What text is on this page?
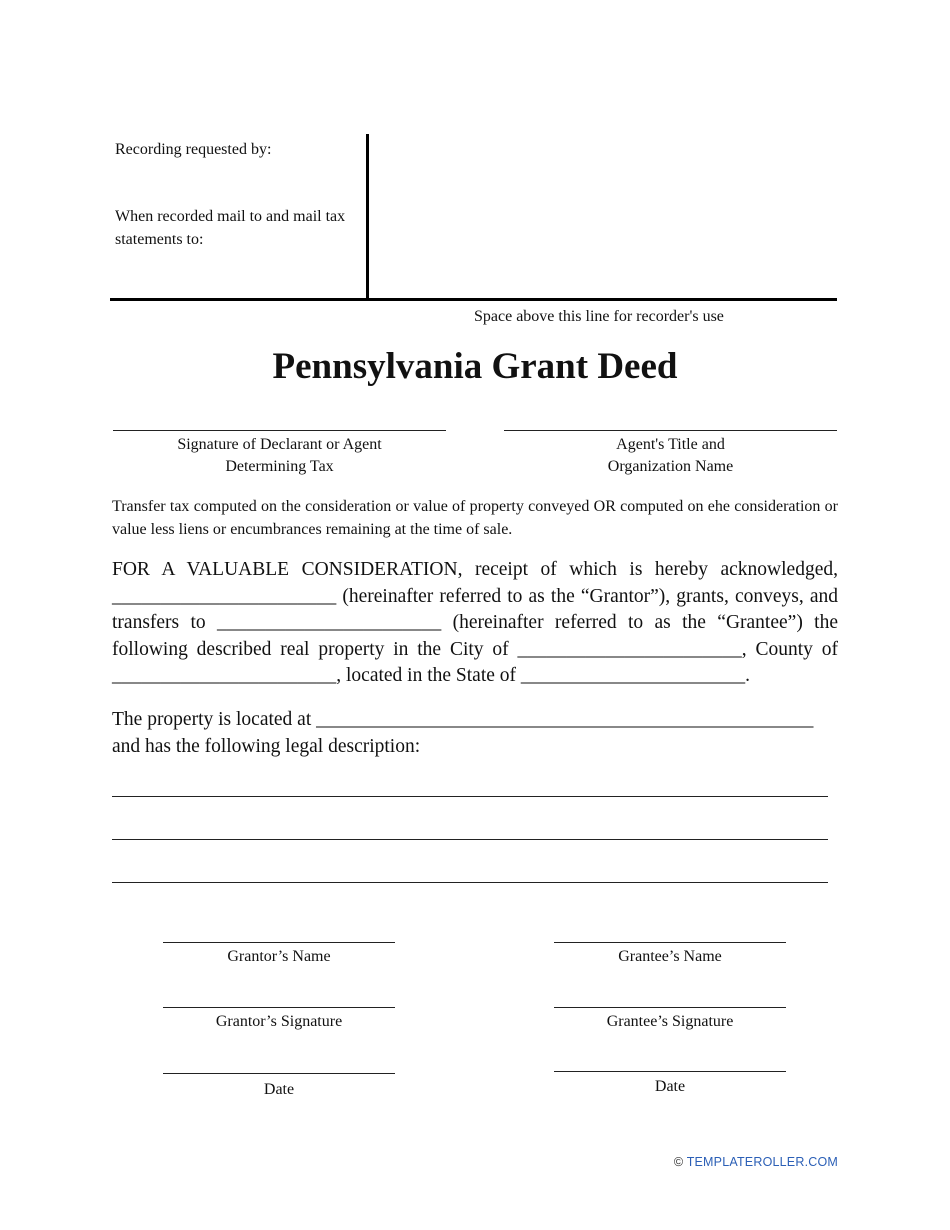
Recording requested by:
When recorded mail to and mail tax statements to:
Space above this line for recorder's use
Pennsylvania Grant Deed
Signature of Declarant or Agent
Determining Tax
Agent's Title and
Organization Name
Transfer tax computed on the consideration or value of property conveyed OR computed on ehe consideration or value less liens or encumbrances remaining at the time of sale.
FOR A VALUABLE CONSIDERATION, receipt of which is hereby acknowledged, _______________________ (hereinafter referred to as the “Grantor”), grants, conveys, and transfers to _______________________ (hereinafter referred to as the “Grantee”) the following described real property in the City of _______________________, County of _______________________, located in the State of _______________________.
The property is located at ___________________________________________________
and has the following legal description:
Grantor’s Name
Grantor’s Signature
Date
Grantee’s Name
Grantee’s Signature
Date
© TEMPLATEROLLER.COM
